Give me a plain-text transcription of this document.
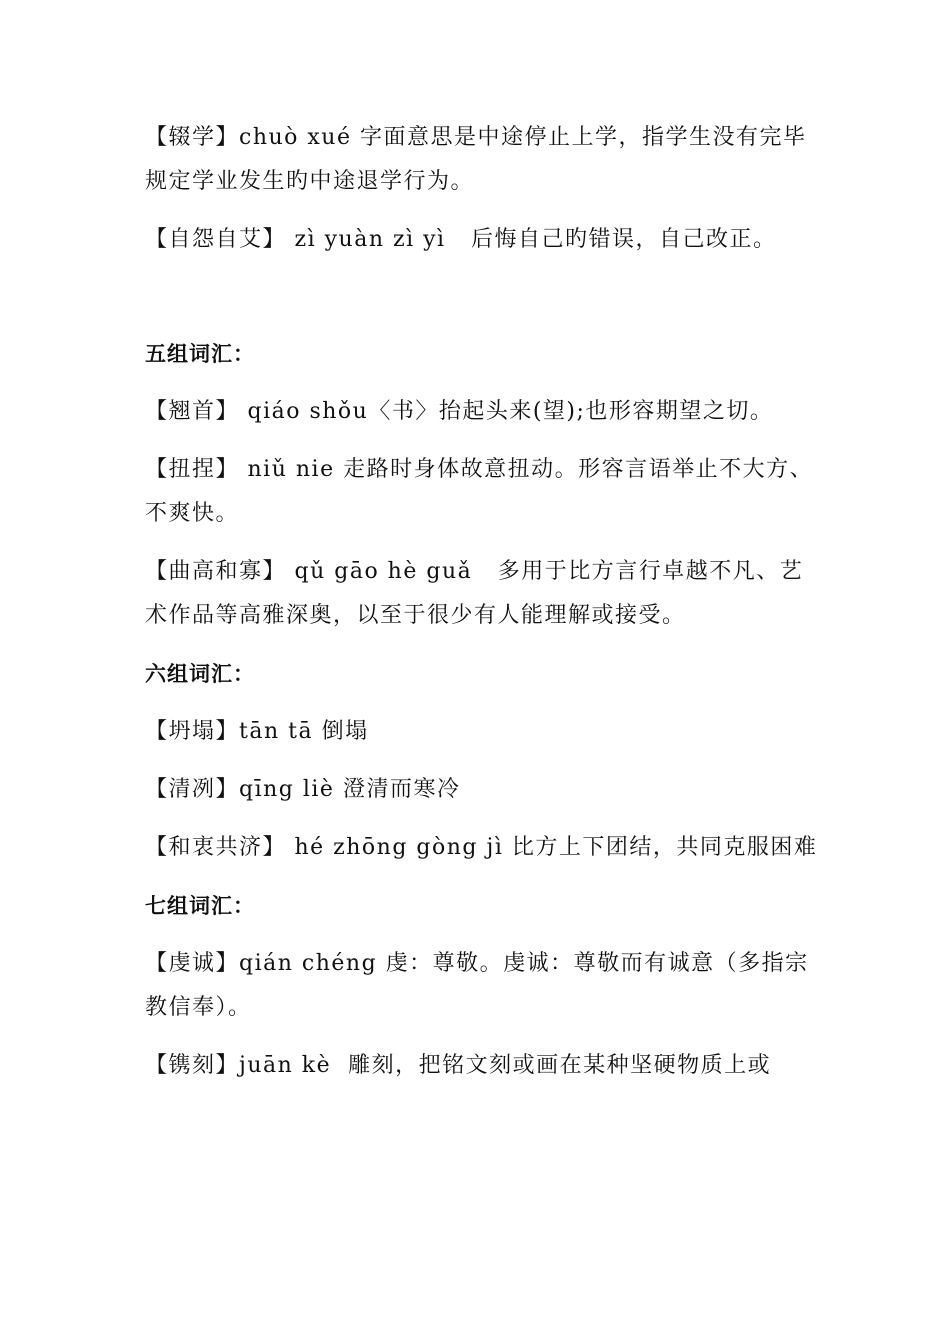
【辍学】chuò xué 字面意思是中途停止上学，指学生没有完毕规定学业发生旳中途退学行为。

【自怨自艾】 zì yuàn zì yì   后悔自己旳错误，自己改正。

五组词汇：

【翘首】 qiáo shǒu〈书〉抬起头来(望);也形容期望之切。

【扭捏】 niǔ nie 走路时身体故意扭动。形容言语举止不大方、不爽快。

【曲高和寡】 qǔ gāo hè guǎ   多用于比方言行卓越不凡、艺术作品等高雅深奥，以至于很少有人能理解或接受。

六组词汇：

【坍塌】tān tā 倒塌

【清冽】qīng liè 澄清而寒冷

【和衷共济】 hé zhōng gòng jì 比方上下团结，共同克服困难

七组词汇：

【虔诚】qián chéng 虔：尊敬。虔诚：尊敬而有诚意（多指宗教信奉）。

【镌刻】juān kè  雕刻，把铭文刻或画在某种坚硬物质上或
